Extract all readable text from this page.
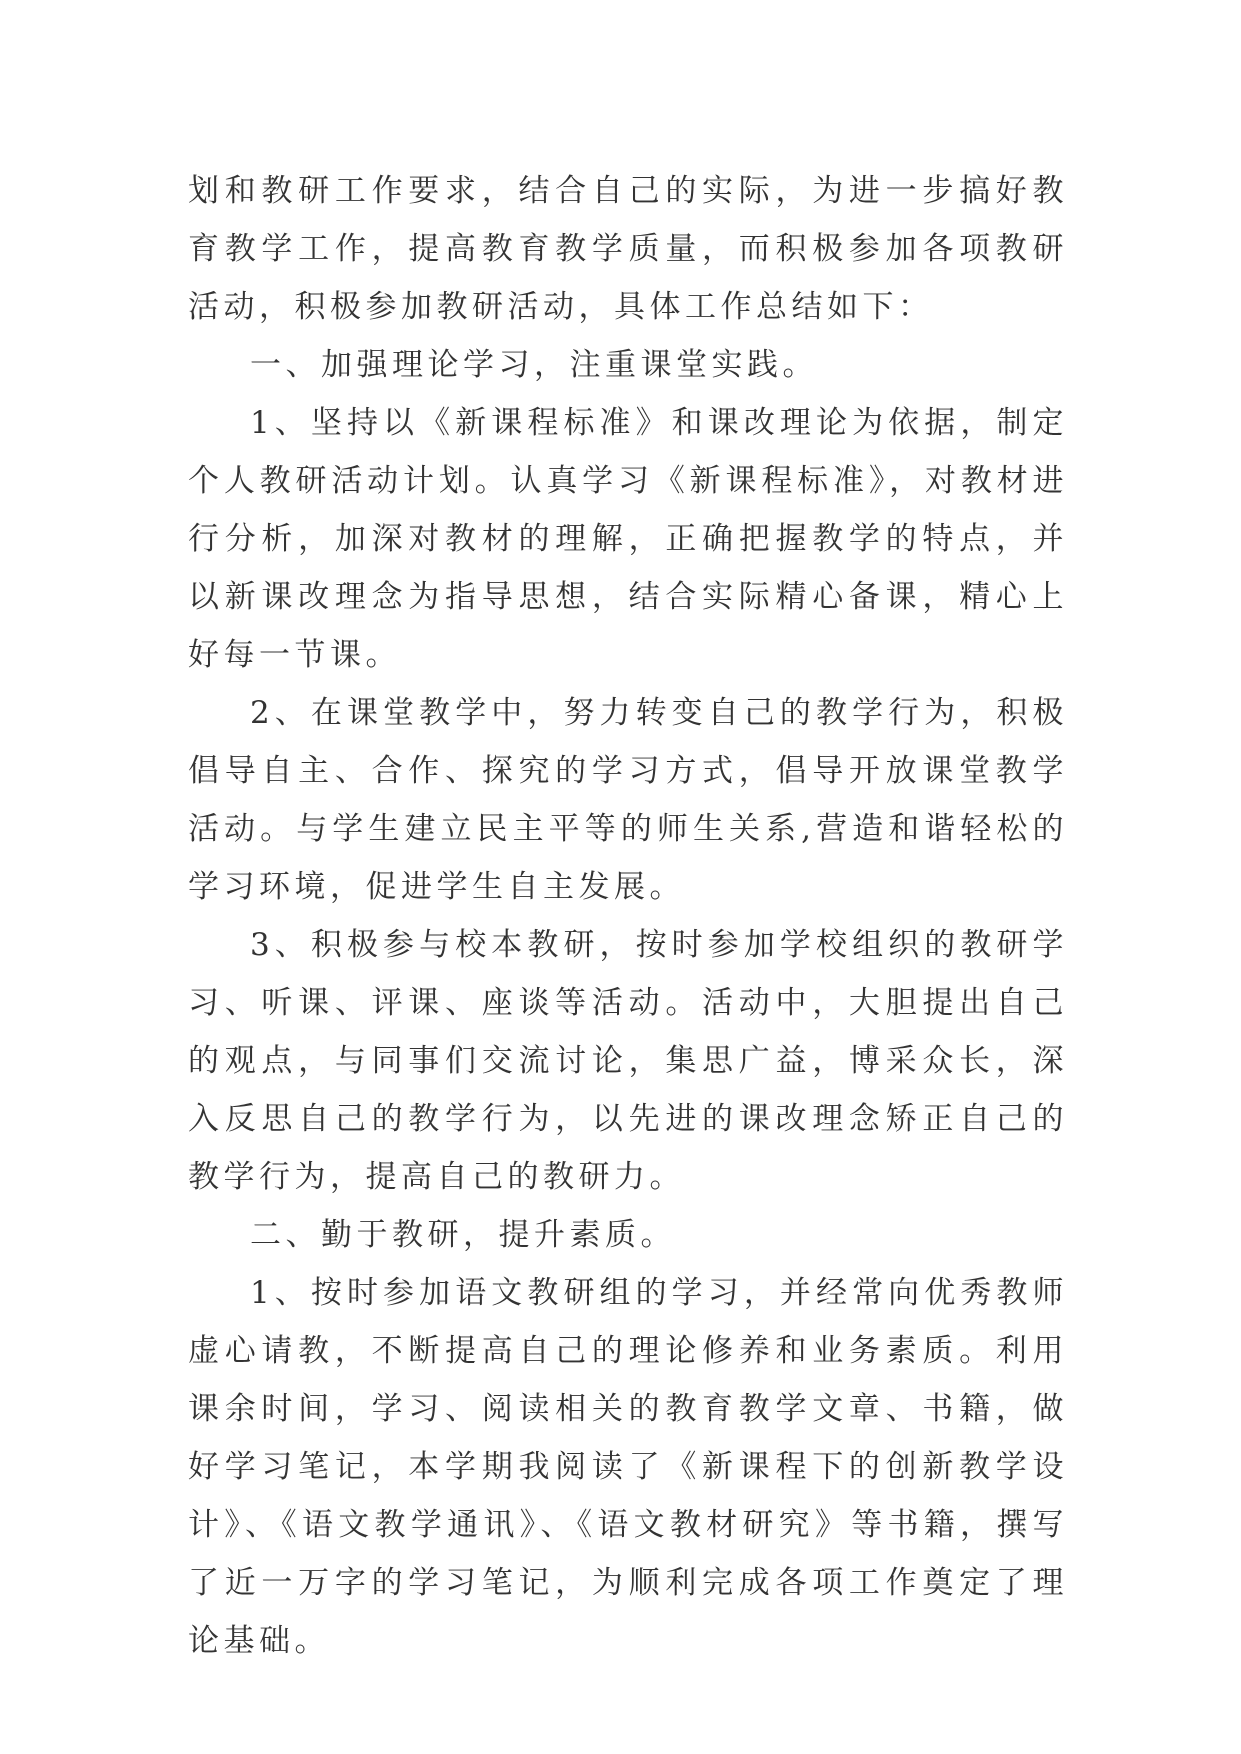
划和教研工作要求，结合自己的实际，为进一步搞好教育教学工作，提高教育教学质量，而积极参加各项教研活动，积极参加教研活动，具体工作总结如下：

一、加强理论学习，注重课堂实践。

1、坚持以《新课程标准》和课改理论为依据，制定个人教研活动计划。认真学习《新课程标准》，对教材进行分析，加深对教材的理解，正确把握教学的特点，并以新课改理念为指导思想，结合实际精心备课，精心上好每一节课。

2、在课堂教学中，努力转变自己的教学行为，积极倡导自主、合作、探究的学习方式，倡导开放课堂教学活动。与学生建立民主平等的师生关系,营造和谐轻松的学习环境，促进学生自主发展。

3、积极参与校本教研，按时参加学校组织的教研学习、听课、评课、座谈等活动。活动中，大胆提出自己的观点，与同事们交流讨论，集思广益，博采众长，深入反思自己的教学行为，以先进的课改理念矫正自己的教学行为，提高自己的教研力。

二、勤于教研，提升素质。

1、按时参加语文教研组的学习，并经常向优秀教师虚心请教，不断提高自己的理论修养和业务素质。利用课余时间，学习、阅读相关的教育教学文章、书籍，做好学习笔记，本学期我阅读了《新课程下的创新教学设计》、《语文教学通讯》、《语文教材研究》等书籍，撰写了近一万字的学习笔记，为顺利完成各项工作奠定了理论基础。
